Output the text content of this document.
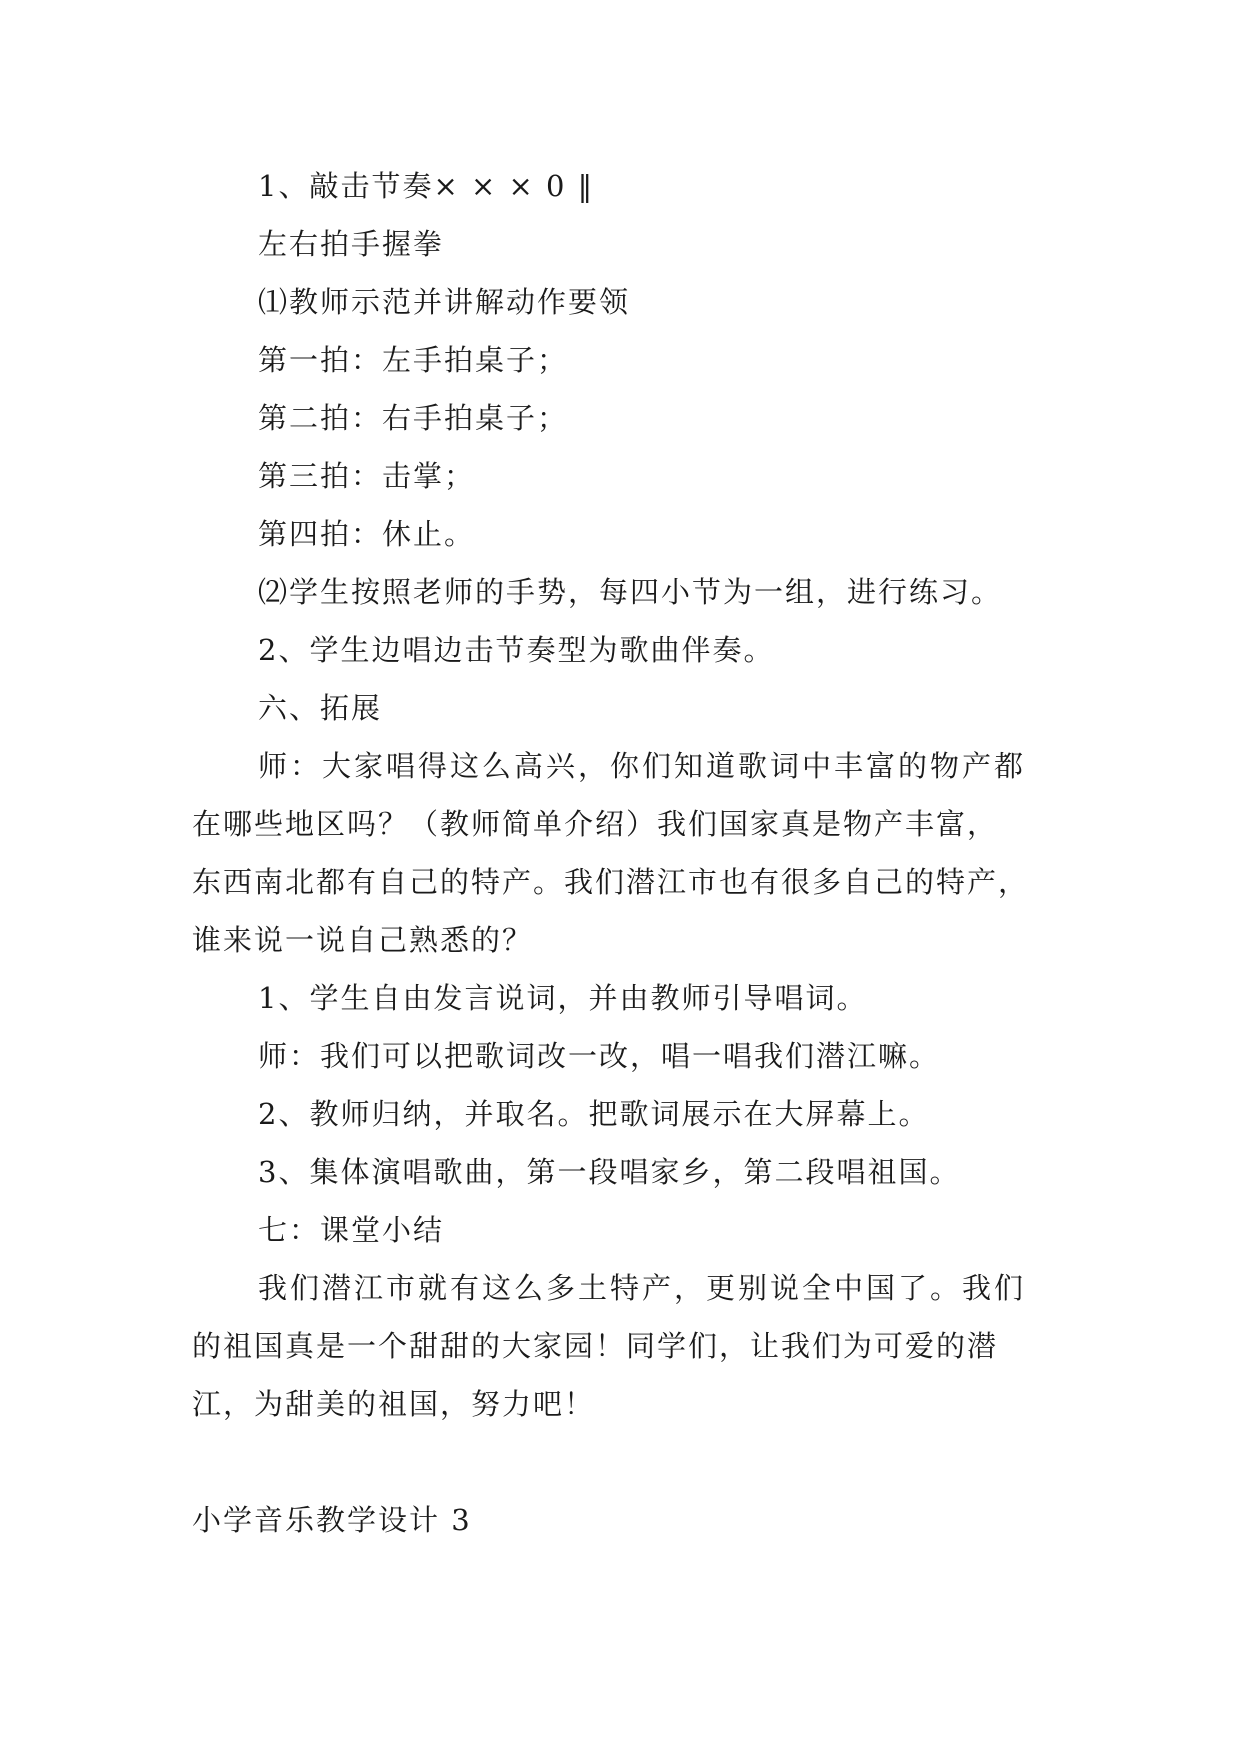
1、敲击节奏× × × 0 ‖
左右拍手握拳
⑴教师示范并讲解动作要领
第一拍：左手拍桌子；
第二拍：右手拍桌子；
第三拍：击掌；
第四拍：休止。
⑵学生按照老师的手势，每四小节为一组，进行练习。
2、学生边唱边击节奏型为歌曲伴奏。
六、拓展
师：大家唱得这么高兴，你们知道歌词中丰富的物产都
在哪些地区吗？（教师简单介绍）我们国家真是物产丰富，
东西南北都有自己的特产。我们潜江市也有很多自己的特产，
谁来说一说自己熟悉的？
1、学生自由发言说词，并由教师引导唱词。
师：我们可以把歌词改一改，唱一唱我们潜江嘛。
2、教师归纳，并取名。把歌词展示在大屏幕上。
3、集体演唱歌曲，第一段唱家乡，第二段唱祖国。
七：课堂小结
我们潜江市就有这么多土特产，更别说全中国了。我们
的祖国真是一个甜甜的大家园！同学们，让我们为可爱的潜
江，为甜美的祖国，努力吧！
小学音乐教学设计 3
